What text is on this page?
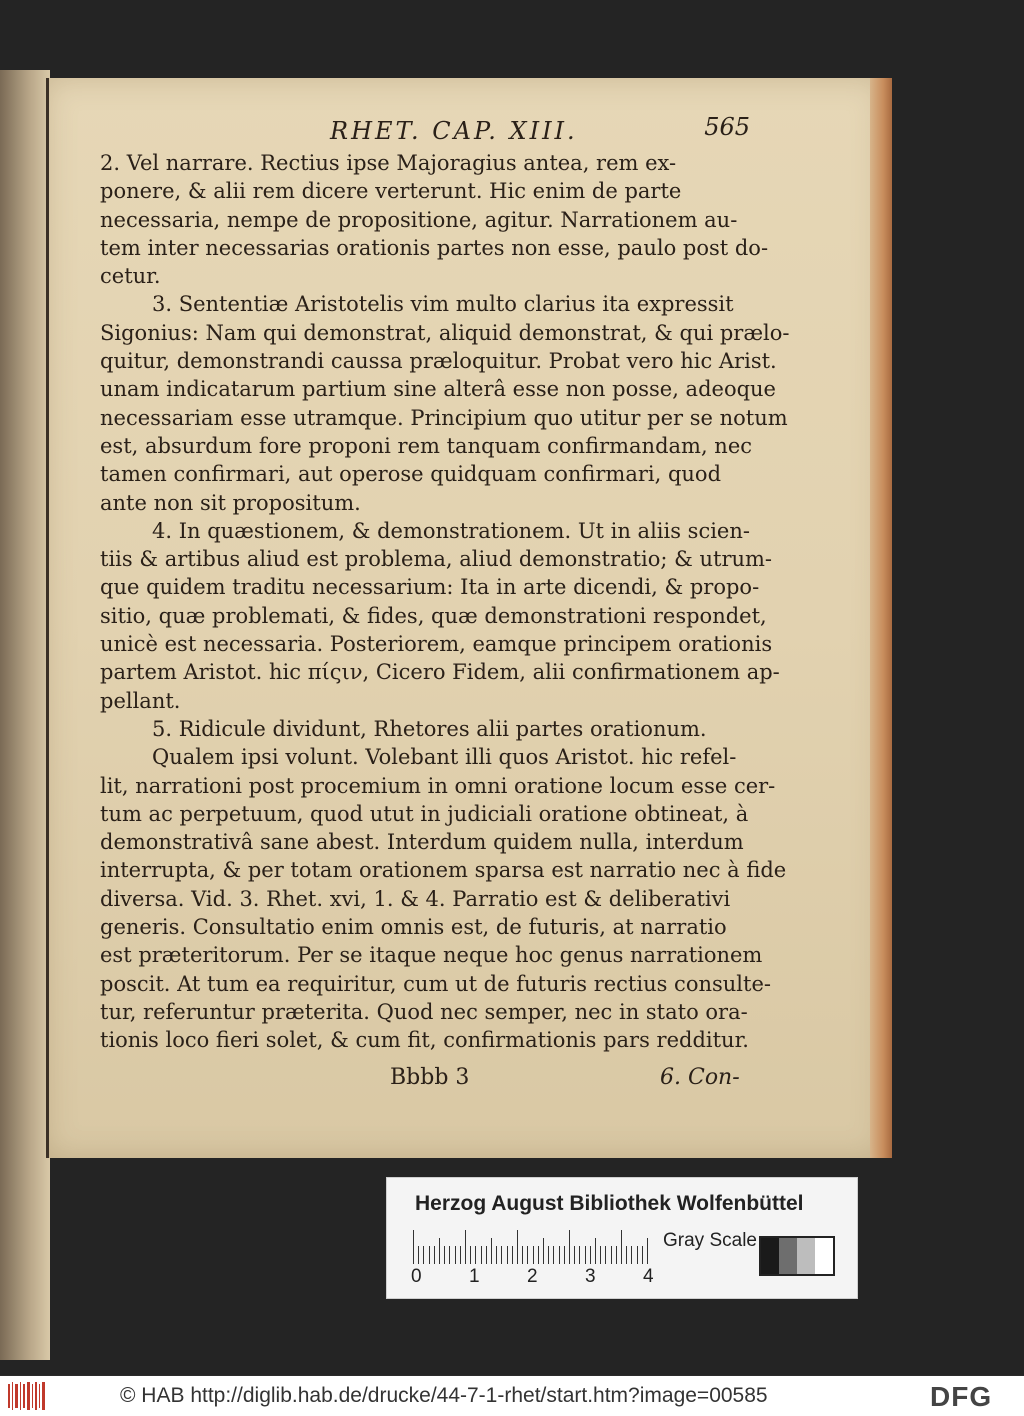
RHET. CAP. XIII.	565
2. Vel narrare. Rectius ipse Majoragius antea, rem ex-
ponere, & alii rem dicere verterunt. Hic enim de parte
necessaria, nempe de propositione, agitur. Narrationem au-
tem inter necessarias orationis partes non esse, paulo post do-
cetur.
3. Sententiæ Aristotelis vim multo clarius ita expressit
Sigonius: Nam qui demonstrat, aliquid demonstrat, & qui prælo-
quitur, demonstrandi caussa præloquitur. Probat vero hic Arist.
unam indicatarum partium sine alterâ esse non posse, adeoque
necessariam esse utramque. Principium quo utitur per se notum
est, absurdum fore proponi rem tanquam confirmandam, nec
tamen confirmari, aut operose quidquam confirmari, quod
ante non sit propositum.
4. In quæstionem, & demonstrationem. Ut in aliis scien-
tiis & artibus aliud est problema, aliud demonstratio; & utrum-
que quidem traditu necessarium: Ita in arte dicendi, & propo-
sitio, quæ problemati, & fides, quæ demonstrationi respondet,
unicè est necessaria. Posteriorem, eamque principem orationis
partem Aristot. hic πίςιν, Cicero Fidem, alii confirmationem ap-
pellant.
5. Ridicule dividunt, Rhetores alii partes orationum.
Qualem ipsi volunt. Volebant illi quos Aristot. hic refel-
lit, narrationi post procemium in omni oratione locum esse cer-
tum ac perpetuum, quod utut in judiciali oratione obtineat, à
demonstrativâ sane abest. Interdum quidem nulla, interdum
interrupta, & per totam orationem sparsa est narratio nec à fide
diversa. Vid. 3. Rhet. xvi, 1. & 4. Parratio est & deliberativi
generis. Consultatio enim omnis est, de futuris, at narratio
est præteritorum. Per se itaque neque hoc genus narrationem
poscit. At tum ea requiritur, cum ut de futuris rectius consulte-
tur, referuntur præterita. Quod nec semper, nec in stato ora-
tionis loco fieri solet, & cum fit, confirmationis pars redditur.
Bbbb 3	6. Con-
Herzog August Bibliothek Wolfenbüttel
0 1 2 3 4
Gray Scale
© HAB http://diglib.hab.de/drucke/44-7-1-rhet/start.htm?image=00585	DFG
